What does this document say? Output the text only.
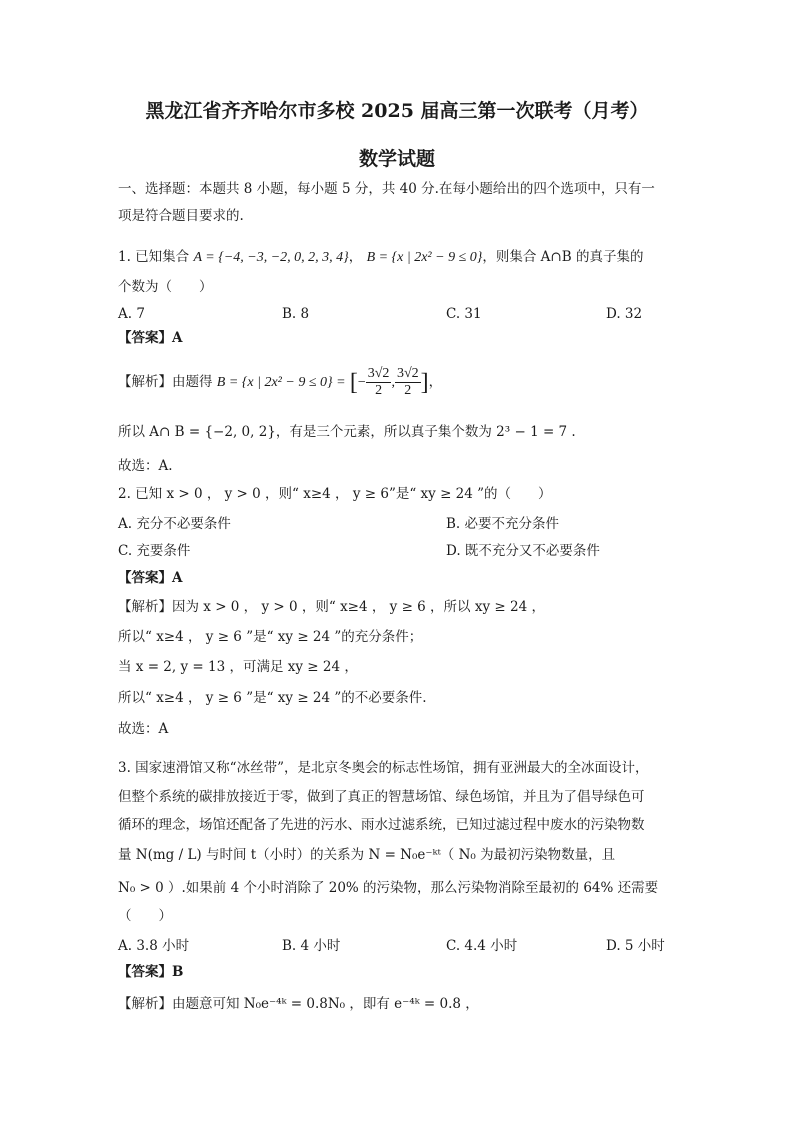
黑龙江省齐齐哈尔市多校 2025 届高三第一次联考（月考）
数学试题
一、选择题：本题共 8 小题，每小题 5 分，共 40 分.在每小题给出的四个选项中，只有一
项是符合题目要求的.
1. 已知集合 A = {−4, −3, −2, 0, 2, 3, 4}， B = {x | 2x² − 9 ≤ 0}，则集合 A∩B 的真子集的
个数为（　　）
A. 7	B. 8	C. 31	D. 32
【答案】A
【解析】由题得 B = {x | 2x² − 9 ≤ 0} = [− $\frac{3√2}{2}$ , $\frac{3√2}{2}$ ]，
所以 A∩ B = {−2, 0, 2}，有是三个元素，所以真子集个数为 2³ − 1 = 7 .
故选：A.
2. 已知 x > 0 ， y > 0 ，则“ x≥4 ， y ≥ 6”是“ xy ≥ 24 ”的（　　）
A. 充分不必要条件	B. 必要不充分条件
C. 充要条件	D. 既不充分又不必要条件
【答案】A
【解析】因为 x > 0 ， y > 0 ，则“ x≥4 ， y ≥ 6 ，所以 xy ≥ 24 ，
所以“ x≥4 ， y ≥ 6 ”是“ xy ≥ 24 ”的充分条件；
当 x = 2, y = 13 ，可满足 xy ≥ 24 ，
所以“ x≥4 ， y ≥ 6 ”是“ xy ≥ 24 ”的不必要条件.
故选：A
3. 国家速滑馆又称“冰丝带”，是北京冬奥会的标志性场馆，拥有亚洲最大的全冰面设计，
但整个系统的碳排放接近于零，做到了真正的智慧场馆、绿色场馆，并且为了倡导绿色可
循环的理念，场馆还配备了先进的污水、雨水过滤系统，已知过滤过程中废水的污染物数
量 N(mg / L) 与时间 t（小时）的关系为 N = N₀e⁻ᵏᵗ（ N₀ 为最初污染物数量，且
N₀ > 0 ）.如果前 4 个小时消除了 20% 的污染物，那么污染物消除至最初的 64% 还需要
（　　）
A. 3.8 小时	B. 4 小时	C. 4.4 小时	D. 5 小时
【答案】B
【解析】由题意可知 N₀e⁻⁴ᵏ = 0.8N₀ ，即有 e⁻⁴ᵏ = 0.8 ，
